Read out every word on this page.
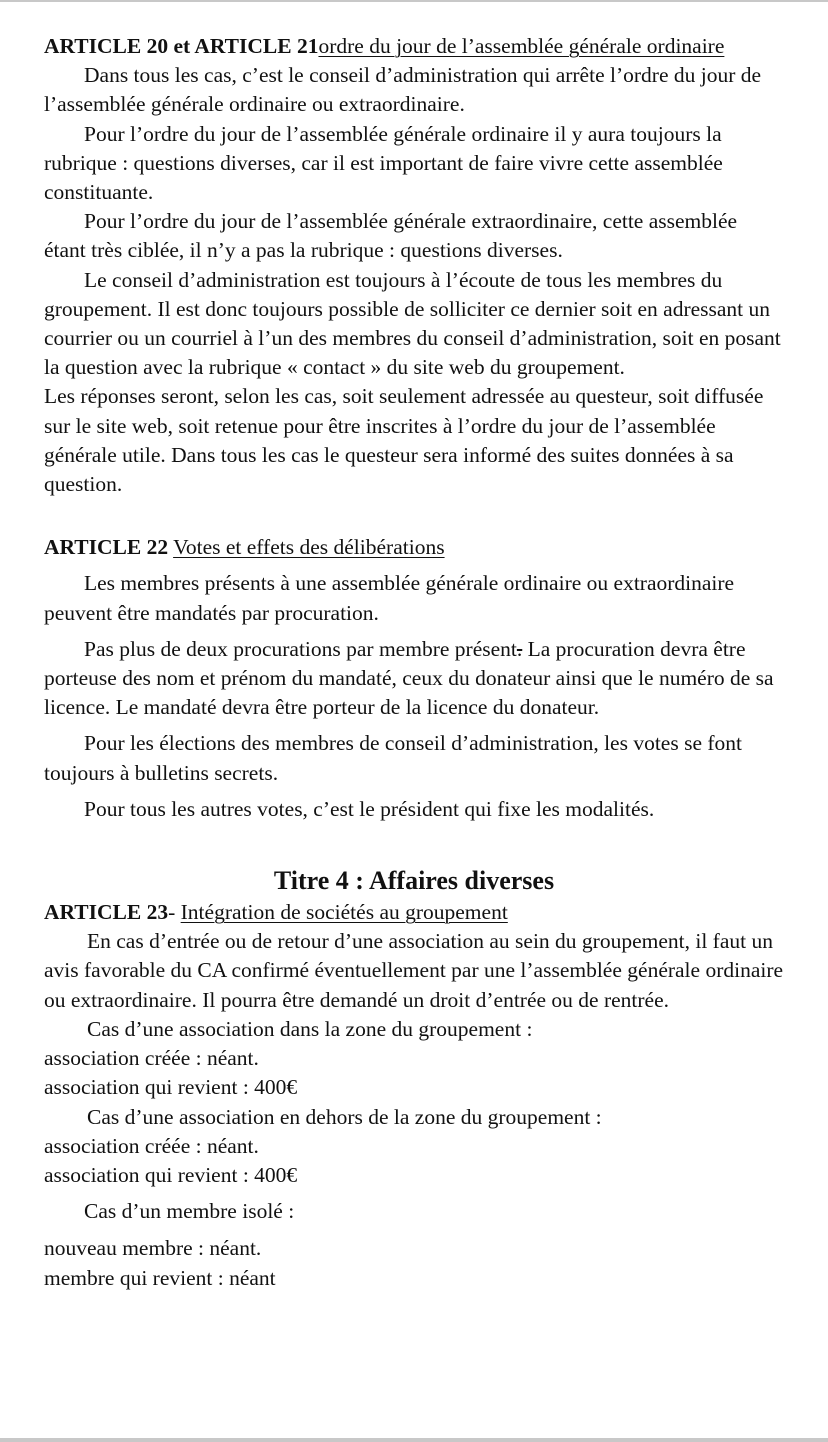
ARTICLE 20 et ARTICLE 21ordre du jour de l’assemblée générale ordinaire

Dans tous les cas, c’est le conseil d’administration qui arrête l’ordre du jour de l’assemblée générale ordinaire ou extraordinaire.

Pour l’ordre du jour de l’assemblée générale ordinaire il y aura toujours la rubrique : questions diverses, car il est important de faire vivre cette assemblée constituante.

Pour l’ordre du jour de l’assemblée générale extraordinaire, cette assemblée étant très ciblée, il n’y a pas la rubrique : questions diverses.

Le conseil d’administration est toujours à l’écoute de tous les membres du groupement. Il est donc toujours possible de solliciter ce dernier soit en adressant un courrier ou un courriel à l’un des membres du conseil d’administration, soit en posant la question avec la rubrique « contact » du site web du groupement.

Les réponses seront, selon les cas, soit seulement adressée au questeur, soit diffusée sur le site web, soit retenue pour être inscrites à l’ordre du jour de l’assemblée générale utile. Dans tous les cas le questeur sera informé des suites données à sa question.

ARTICLE 22 Votes et effets des délibérations

Les membres présents à une assemblée générale ordinaire ou extraordinaire peuvent être mandatés par procuration.

Pas plus de deux procurations par membre présent. La procuration devra être porteuse des nom et prénom du mandaté, ceux du donateur ainsi que le numéro de sa licence. Le mandaté devra être porteur de la licence du donateur.

Pour les élections des membres de conseil d’administration, les votes se font toujours à bulletins secrets.

Pour tous les autres votes, c’est le président qui fixe les modalités.

Titre 4 : Affaires diverses

ARTICLE 23- Intégration de sociétés au groupement

En cas d’entrée ou de retour d’une association au sein du groupement, il faut un avis favorable du CA confirmé éventuellement par une l’assemblée générale ordinaire ou extraordinaire. Il pourra être demandé un droit d’entrée ou de rentrée.

Cas d’une association dans la zone du groupement :

association créée : néant.

association qui revient : 400€

Cas d’une association en dehors de la zone du groupement :

association créée : néant.

association qui revient : 400€

Cas d’un membre isolé :

nouveau membre : néant.

membre qui revient : néant
